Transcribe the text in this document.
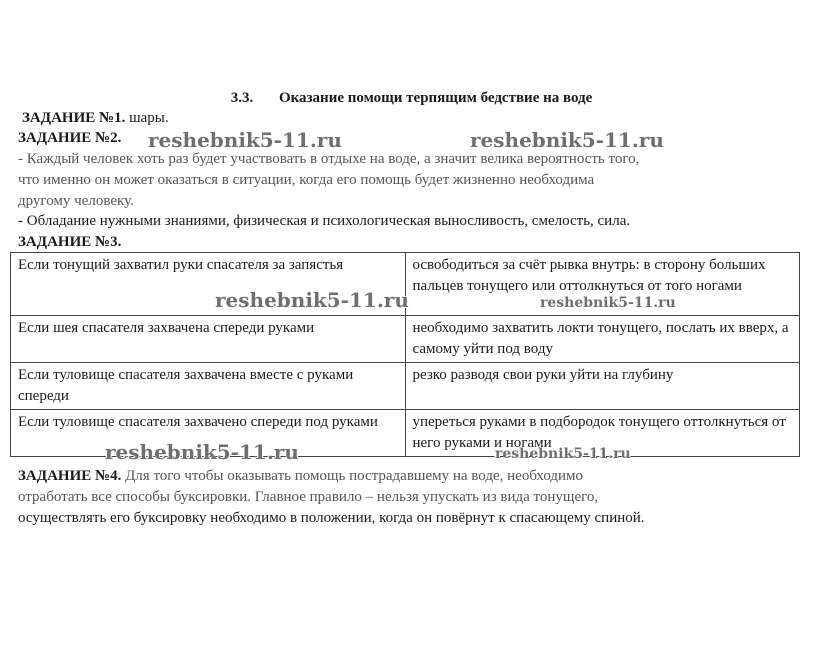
3.3. Оказание помощи терпящим бедствие на воде
ЗАДАНИЕ №1. шары.
ЗАДАНИЕ №2.
- Каждый человек хоть раз будет участвовать в отдыхе на воде, а значит велика вероятность того,
что именно он может оказаться в ситуации, когда его помощь будет жизненно необходима
другому человеку.
- Обладание нужными знаниями, физическая и психологическая выносливость, смелость, сила.
ЗАДАНИЕ №3.
Если тонущий захватил руки спасателя за запястья	освободиться за счёт рывка внутрь: в сторону больших пальцев тонущего или оттолкнуться от того ногами
Если шея спасателя захвачена спереди руками	необходимо захватить локти тонущего, послать их вверх, а самому уйти под воду
Если туловище спасателя захвачена вместе с руками спереди	резко разводя свои руки уйти на глубину
Если туловище спасателя захвачено спереди под руками	упереться руками в подбородок тонущего оттолкнуться от него руками и ногами
ЗАДАНИЕ №4. Для того чтобы оказывать помощь пострадавшему на воде, необходимо
отработать все способы буксировки. Главное правило – нельзя упускать из вида тонущего,
осуществлять его буксировку необходимо в положении, когда он повёрнут к спасающему спиной.
reshebnik5-11.ru	reshebnik5-11.ru
reshebnik5-11.ru	reshebnik5-11.ru
reshebnik5-11.ru	reshebnik5-11.ru
